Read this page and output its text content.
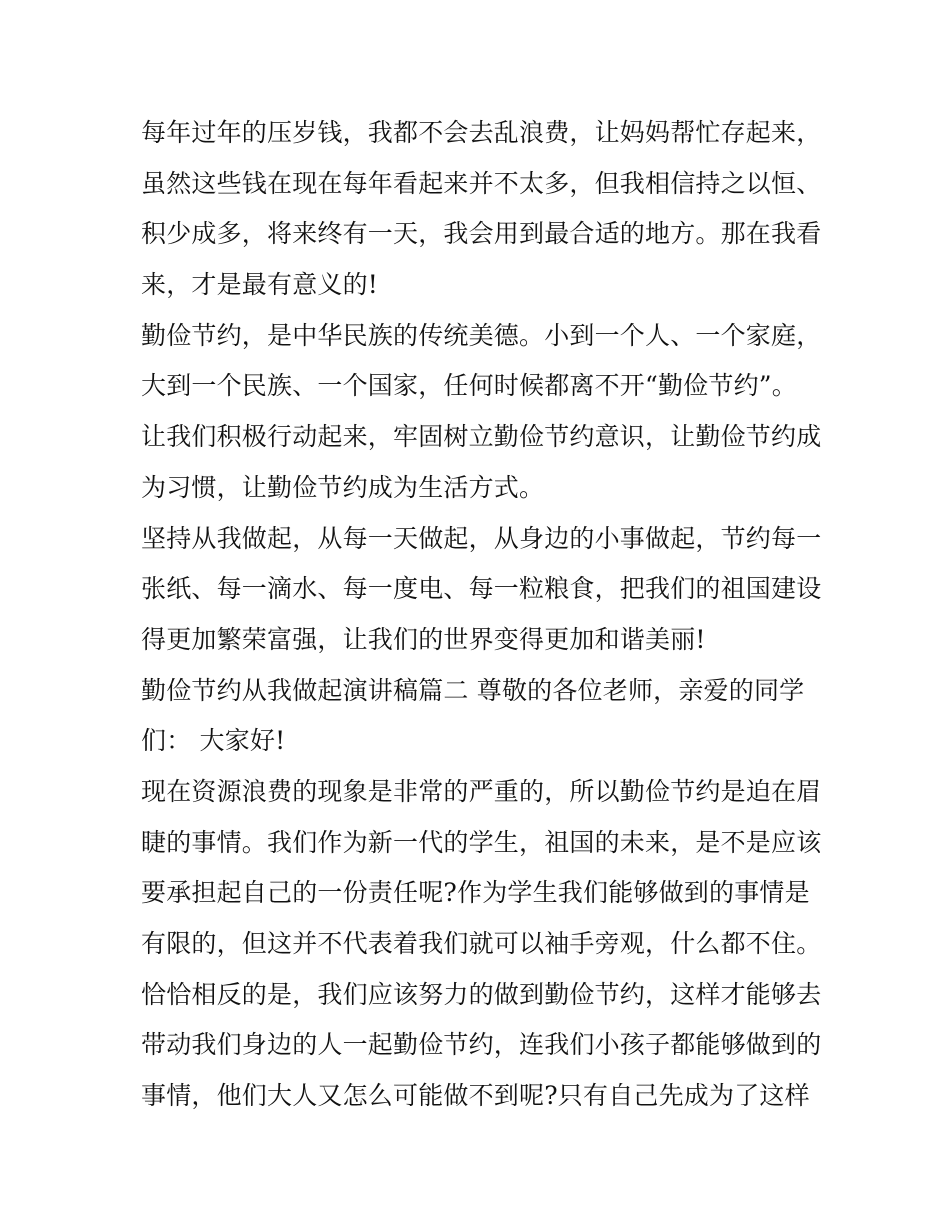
每年过年的压岁钱，我都不会去乱浪费，让妈妈帮忙存起来，
虽然这些钱在现在每年看起来并不太多，但我相信持之以恒、
积少成多，将来终有一天，我会用到最合适的地方。那在我看
来，才是最有意义的!
勤俭节约，是中华民族的传统美德。小到一个人、一个家庭，
大到一个民族、一个国家，任何时候都离不开“勤俭节约”。
让我们积极行动起来，牢固树立勤俭节约意识，让勤俭节约成
为习惯，让勤俭节约成为生活方式。
坚持从我做起，从每一天做起，从身边的小事做起，节约每一
张纸、每一滴水、每一度电、每一粒粮食，把我们的祖国建设
得更加繁荣富强，让我们的世界变得更加和谐美丽!
勤俭节约从我做起演讲稿篇二 尊敬的各位老师，亲爱的同学
们： 大家好!
现在资源浪费的现象是非常的严重的，所以勤俭节约是迫在眉
睫的事情。我们作为新一代的学生，祖国的未来，是不是应该
要承担起自己的一份责任呢?作为学生我们能够做到的事情是
有限的，但这并不代表着我们就可以袖手旁观，什么都不住。
恰恰相反的是，我们应该努力的做到勤俭节约，这样才能够去
带动我们身边的人一起勤俭节约，连我们小孩子都能够做到的
事情，他们大人又怎么可能做不到呢?只有自己先成为了这样
